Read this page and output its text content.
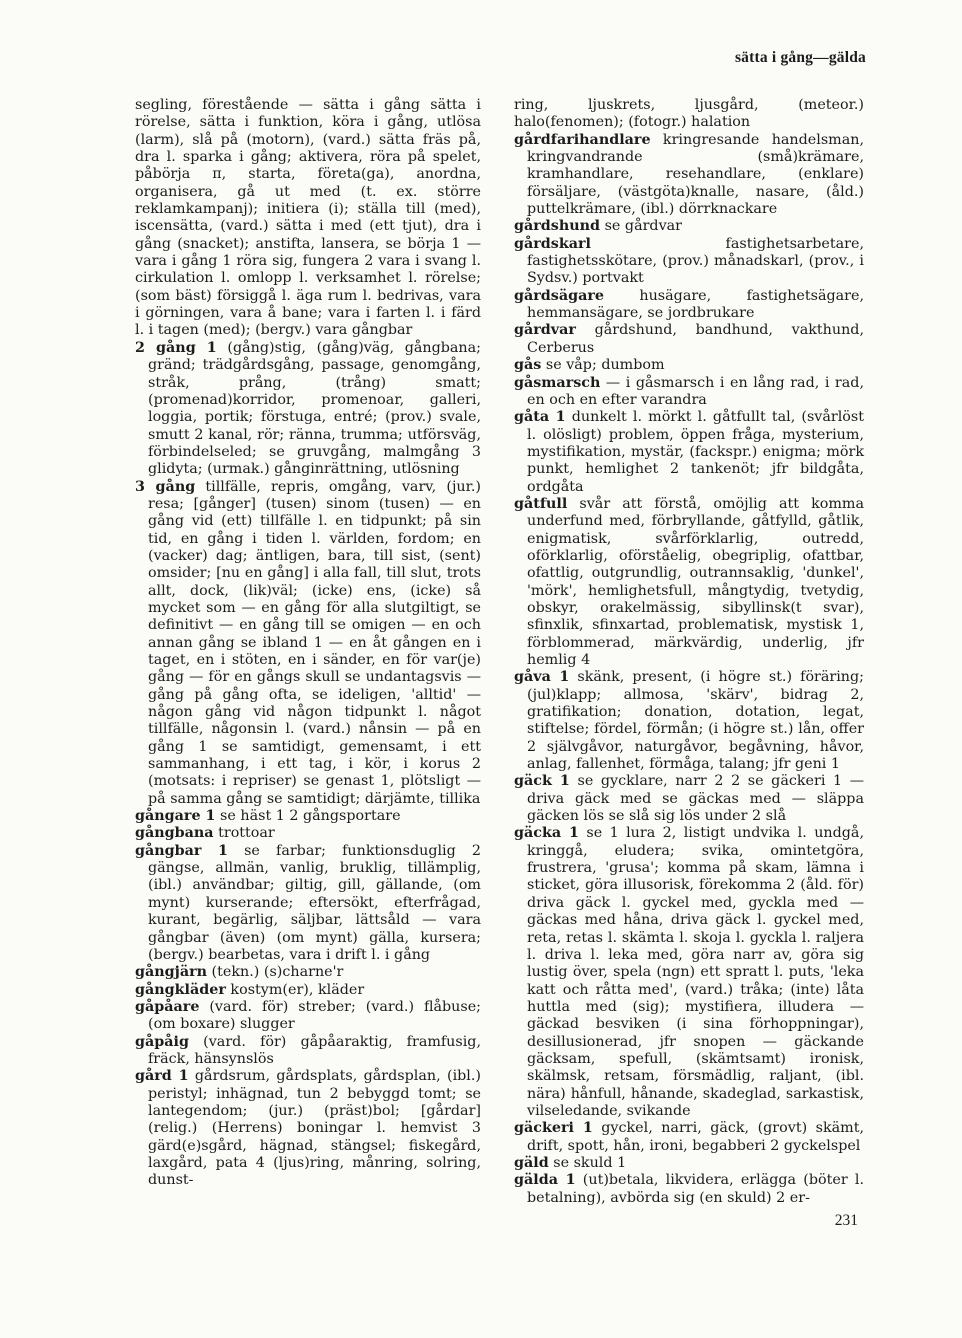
sätta i gång—gälda

segling, förestående — sätta i gång sätta i rörelse, sätta i funktion, köra i gång, utlösa (larm), slå på (motorn), (vard.) sätta fräs på, dra l. sparka i gång; aktivera, röra på spelet, påbörja ᴨ, starta, företa(ga), anordna, organisera, gå ut med (t. ex. större reklamkampanj); initiera (i); ställa till (med), iscensätta, (vard.) sätta i med (ett tjut), dra i gång (snacket); anstifta, lansera, se börja 1 — vara i gång 1 röra sig, fungera 2 vara i svang l. cirkulation l. omlopp l. verksamhet l. rörelse; (som bäst) försiggå l. äga rum l. bedrivas, vara i görningen, vara å bane; vara i farten l. i färd l. i tagen (med); (bergv.) vara gångbar

2 gång 1 (gång)stig, (gång)väg, gångbana; gränd; trädgårdsgång, passage, genomgång, stråk, prång, (trång) smatt; (promenad)korridor, promenoar, galleri, loggia, portik; förstuga, entré; (prov.) svale, smutt 2 kanal, rör; ränna, trumma; utförsväg, förbindelseled; se gruvgång, malmgång 3 glidyta; (urmak.) gånginrättning, utlösning

3 gång tillfälle, repris, omgång, varv, (jur.) resa; [gånger] (tusen) sinom (tusen) — en gång vid (ett) tillfälle l. en tidpunkt; på sin tid, en gång i tiden l. världen, fordom; en (vacker) dag; äntligen, bara, till sist, (sent) omsider; [nu en gång] i alla fall, till slut, trots allt, dock, (lik)väl; (icke) ens, (icke) så mycket som — en gång för alla slutgiltigt, se definitivt — en gång till se omigen — en och annan gång se ibland 1 — en åt gången en i taget, en i stöten, en i sänder, en för var(je) gång — för en gångs skull se undantagsvis — gång på gång ofta, se ideligen, 'alltid' — någon gång vid någon tidpunkt l. något tillfälle, någonsin l. (vard.) nånsin — på en gång 1 se samtidigt, gemensamt, i ett sammanhang, i ett tag, i kör, i korus 2 (motsats: i repriser) se genast 1, plötsligt — på samma gång se samtidigt; därjämte, tillika

gångare 1 se häst 1 2 gångsportare

gångbana trottoar

gångbar 1 se farbar; funktionsduglig 2 gängse, allmän, vanlig, bruklig, tillämplig, (ibl.) användbar; giltig, gill, gällande, (om mynt) kurserande; eftersökt, efterfrågad, kurant, begärlig, säljbar, lättsåld — vara gångbar (även) (om mynt) gälla, kursera; (bergv.) bearbetas, vara i drift l. i gång

gångjärn (tekn.) (s)charne'r

gångkläder kostym(er), kläder

gåpåare (vard. för) streber; (vard.) flåbuse; (om boxare) slugger

gåpåig (vard. för) gåpåaraktig, framfusig, fräck, hänsynslös

gård 1 gårdsrum, gårdsplats, gårdsplan, (ibl.) peristyl; inhägnad, tun 2 bebyggd tomt; se lantegendom; (jur.) (präst)bol; [gårdar] (relig.) (Herrens) boningar l. hemvist 3 gärd(e)sgård, hägnad, stängsel; fiskegård, laxgård, pata 4 (ljus)ring, månring, solring, dunst-

ring, ljuskrets, ljusgård, (meteor.) halo(fenomen); (fotogr.) halation

gårdfarihandlare kringresande handelsman, kringvandrande (små)krämare, kramhandlare, resehandlare, (enklare) försäljare, (västgöta)knalle, nasare, (åld.) puttelkrämare, (ibl.) dörrknackare

gårdshund se gårdvar

gårdskarl fastighetsarbetare, fastighetsskötare, (prov.) månadskarl, (prov., i Sydsv.) portvakt

gårdsägare husägare, fastighetsägare, hemmansägare, se jordbrukare

gårdvar gårdshund, bandhund, vakthund, Cerberus

gås se våp; dumbom

gåsmarsch — i gåsmarsch i en lång rad, i rad, en och en efter varandra

gåta 1 dunkelt l. mörkt l. gåtfullt tal, (svårlöst l. olösligt) problem, öppen fråga, mysterium, mystifikation, mystär, (fackspr.) enigma; mörk punkt, hemlighet 2 tankenöt; jfr bildgåta, ordgåta

gåtfull svår att förstå, omöjlig att komma underfund med, förbryllande, gåtfylld, gåtlik, enigmatisk, svårförklarlig, outredd, oförklarlig, oförståelig, obegriplig, ofattbar, ofattlig, outgrundlig, outrannsaklig, 'dunkel', 'mörk', hemlighetsfull, mångtydig, tvetydig, obskyr, orakelmässig, sibyllinsk(t svar), sfinxlik, sfinxartad, problematisk, mystisk 1, förblommerad, märkvärdig, underlig, jfr hemlig 4

gåva 1 skänk, present, (i högre st.) föräring; (jul)klapp; allmosa, 'skärv', bidrag 2, gratifikation; donation, dotation, legat, stiftelse; fördel, förmån; (i högre st.) lån, offer 2 självgåvor, naturgåvor, begåvning, håvor, anlag, fallenhet, förmåga, talang; jfr geni 1

gäck 1 se gycklare, narr 2 2 se gäckeri 1 — driva gäck med se gäckas med — släppa gäcken lös se slå sig lös under 2 slå

gäcka 1 se 1 lura 2, listigt undvika l. undgå, kringgå, eludera; svika, omintetgöra, frustrera, 'grusa'; komma på skam, lämna i sticket, göra illusorisk, förekomma 2 (åld. för) driva gäck l. gyckel med, gyckla med — gäckas med håna, driva gäck l. gyckel med, reta, retas l. skämta l. skoja l. gyckla l. raljera l. driva l. leka med, göra narr av, göra sig lustig över, spela (ngn) ett spratt l. puts, 'leka katt och råtta med', (vard.) tråka; (inte) låta huttla med (sig); mystifiera, illudera — gäckad besviken (i sina förhoppningar), desillusionerad, jfr snopen — gäckande gäcksam, spefull, (skämtsamt) ironisk, skälmsk, retsam, försmädlig, raljant, (ibl. nära) hånfull, hånande, skadeglad, sarkastisk, vilseledande, svikande

gäckeri 1 gyckel, narri, gäck, (grovt) skämt, drift, spott, hån, ironi, begabberi 2 gyckelspel

gäld se skuld 1

gälda 1 (ut)betala, likvidera, erlägga (böter l. betalning), avbörda sig (en skuld) 2 er-

231
